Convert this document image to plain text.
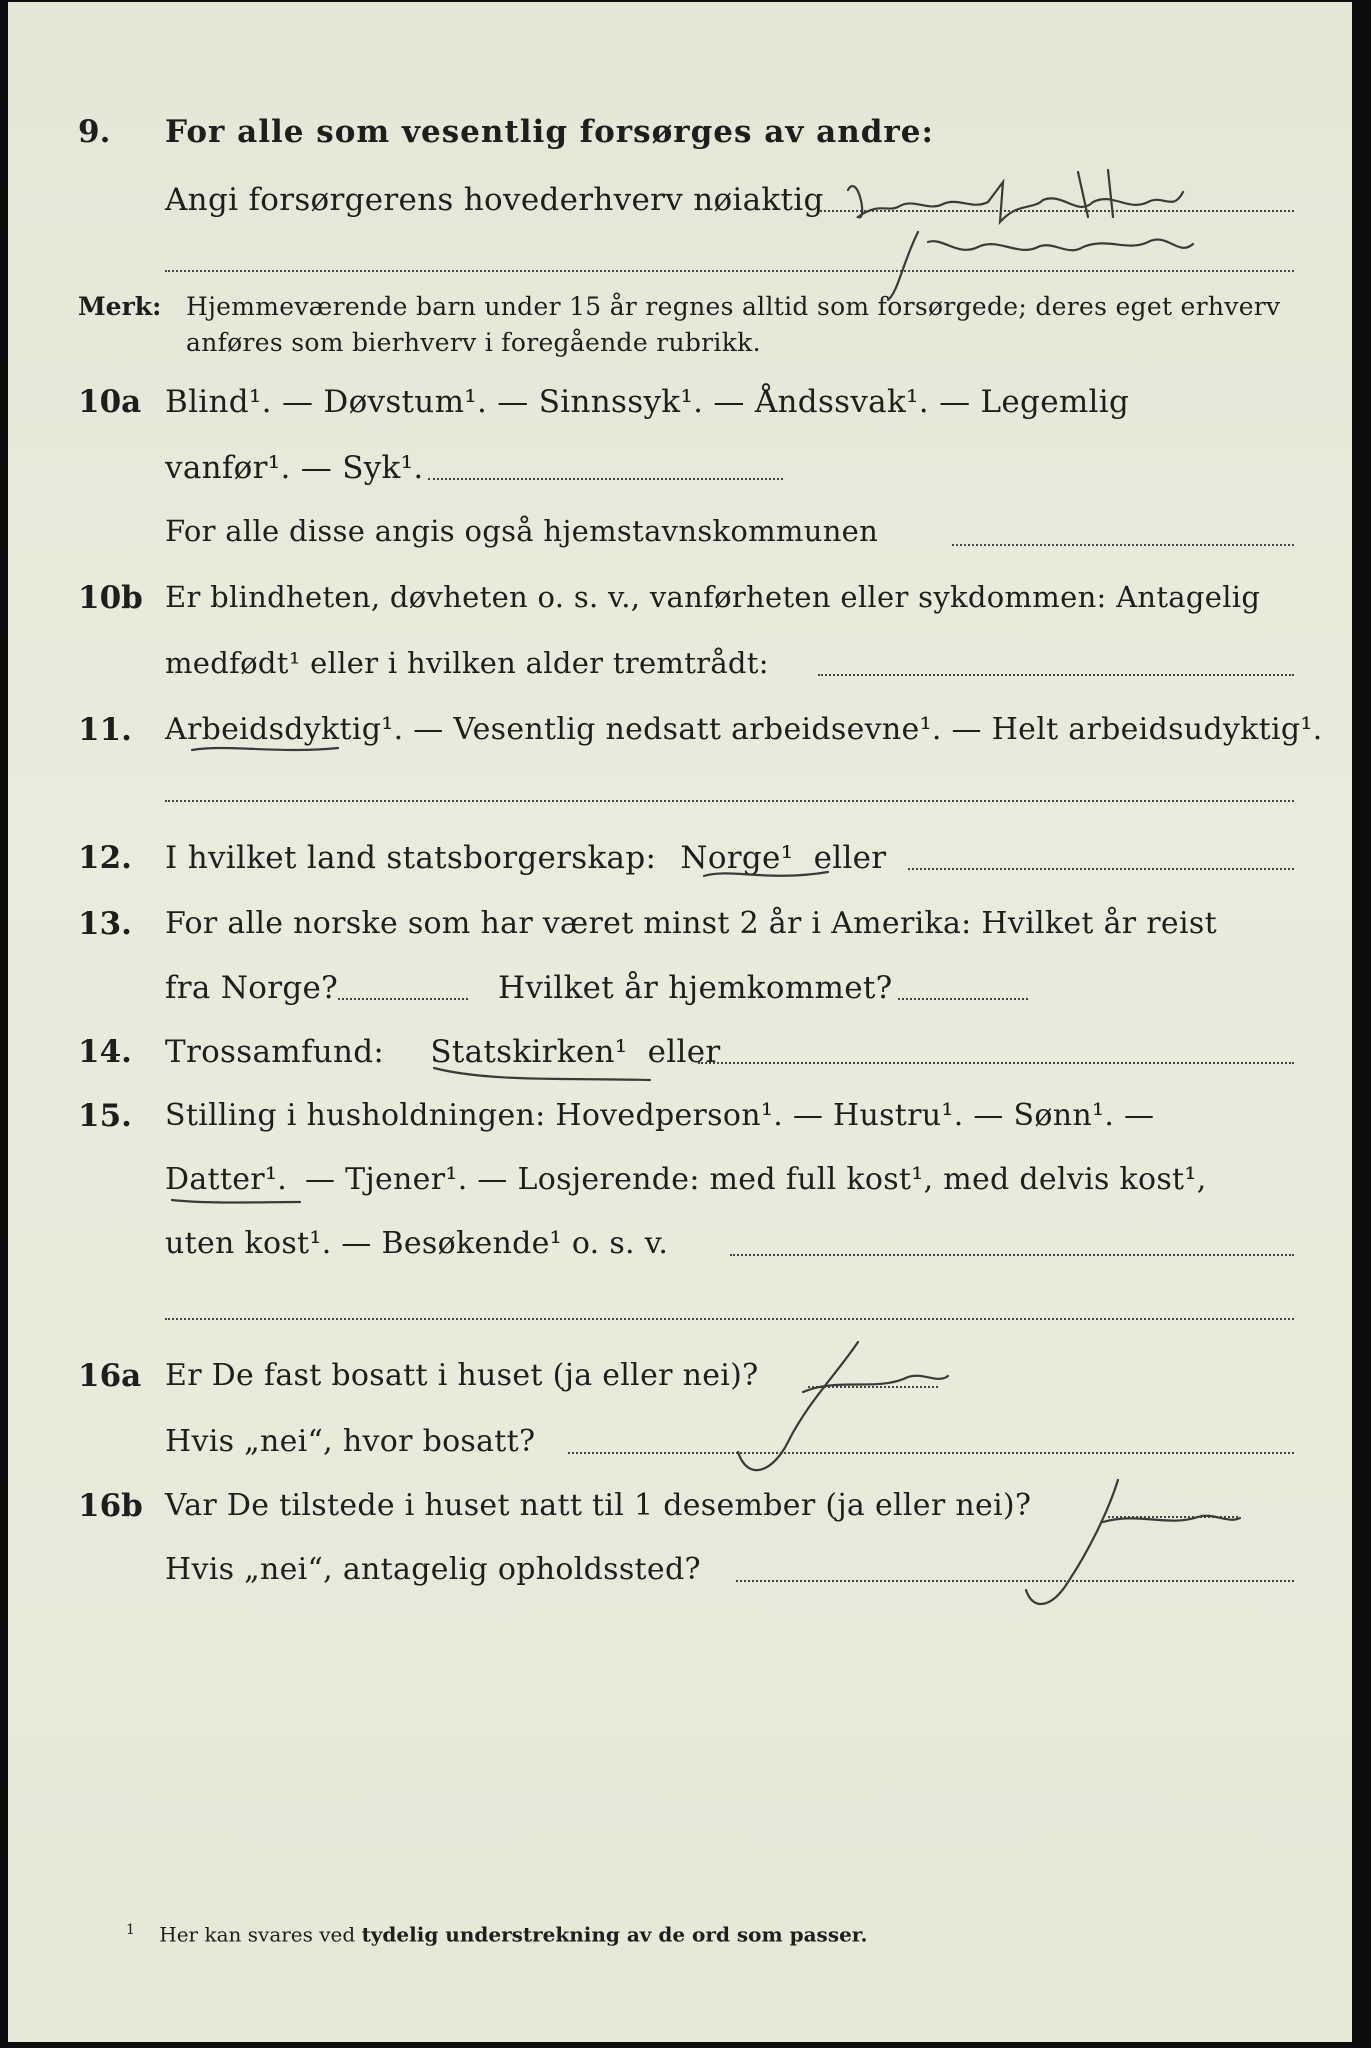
9. For alle som vesentlig forsørges av andre:
Angi forsørgerens hovederhverv nøiaktig
Merk: Hjemmeværende barn under 15 år regnes alltid som forsørgede; deres eget erhverv
anføres som bierhverv i foregående rubrikk.
10a Blind¹. — Døvstum¹. — Sinnssyk¹. — Åndssvak¹. — Legemlig
vanfør¹. — Syk¹.
For alle disse angis også hjemstavnskommunen
10b Er blindheten, døvheten o. s. v., vanførheten eller sykdommen: Antagelig
medfødt¹ eller i hvilken alder tremtrådt:
11. Arbeidsdyktig¹. — Vesentlig nedsatt arbeidsevne¹. — Helt arbeidsudyktig¹.
12. I hvilket land statsborgerskap: Norge¹ eller
13. For alle norske som har været minst 2 år i Amerika: Hvilket år reist
fra Norge?	Hvilket år hjemkommet?
14. Trossamfund: Statskirken¹ eller
15. Stilling i husholdningen: Hovedperson¹. — Hustru¹. — Sønn¹. —
Datter¹. — Tjener¹. — Losjerende: med full kost¹, med delvis kost¹,
uten kost¹. — Besøkende¹ o. s. v.
16a Er De fast bosatt i huset (ja eller nei)?
Hvis „nei“, hvor bosatt?
16b Var De tilstede i huset natt til 1 desember (ja eller nei)?
Hvis „nei“, antagelig opholdssted?
$^1$ Her kan svares ved tydelig understrekning av de ord som passer.
